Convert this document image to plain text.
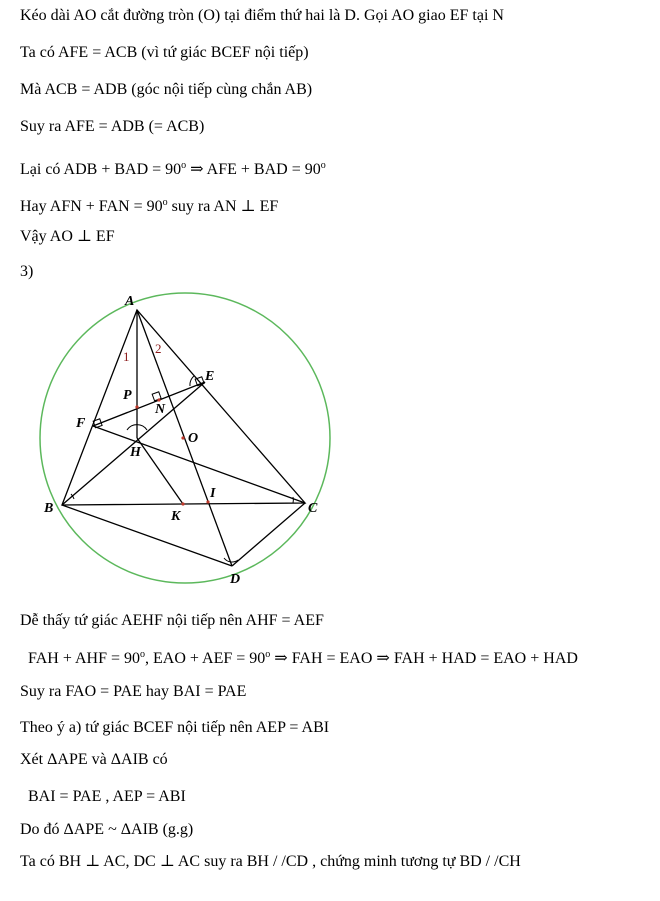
Kéo dài AO cắt đường tròn (O) tại điểm thứ hai là D. Gọi AO giao EF tại N
Ta có AFE = ACB (vì tứ giác BCEF nội tiếp)
Mà ACB = ADB (góc nội tiếp cùng chắn AB)
Suy ra AFE = ADB (= ACB)
Lại có ADB + BAD = $90^o$ ⇒ AFE + BAD = $90^o$
Hay AFN + FAN = $90^o$ suy ra AN ⊥ EF
Vậy AO ⊥ EF
3)
A
B	C
D
E
F
H
P
N
O
I
K
1
2
Dễ thấy tứ giác AEHF nội tiếp nên AHF = AEF
FAH + AHF = $90^o$, EAO + AEF = $90^o$ ⇒ FAH = EAO ⇒ FAH + HAD = EAO + HAD
Suy ra FAO = PAE hay BAI = PAE
Theo ý a) tứ giác BCEF nội tiếp nên AEP = ABI
Xét ΔAPE và ΔAIB có
BAI = PAE , AEP = ABI
Do đó ΔAPE ~ ΔAIB (g.g)
Ta có BH ⊥ AC, DC ⊥ AC suy ra BH / /CD , chứng minh tương tự BD / /CH
